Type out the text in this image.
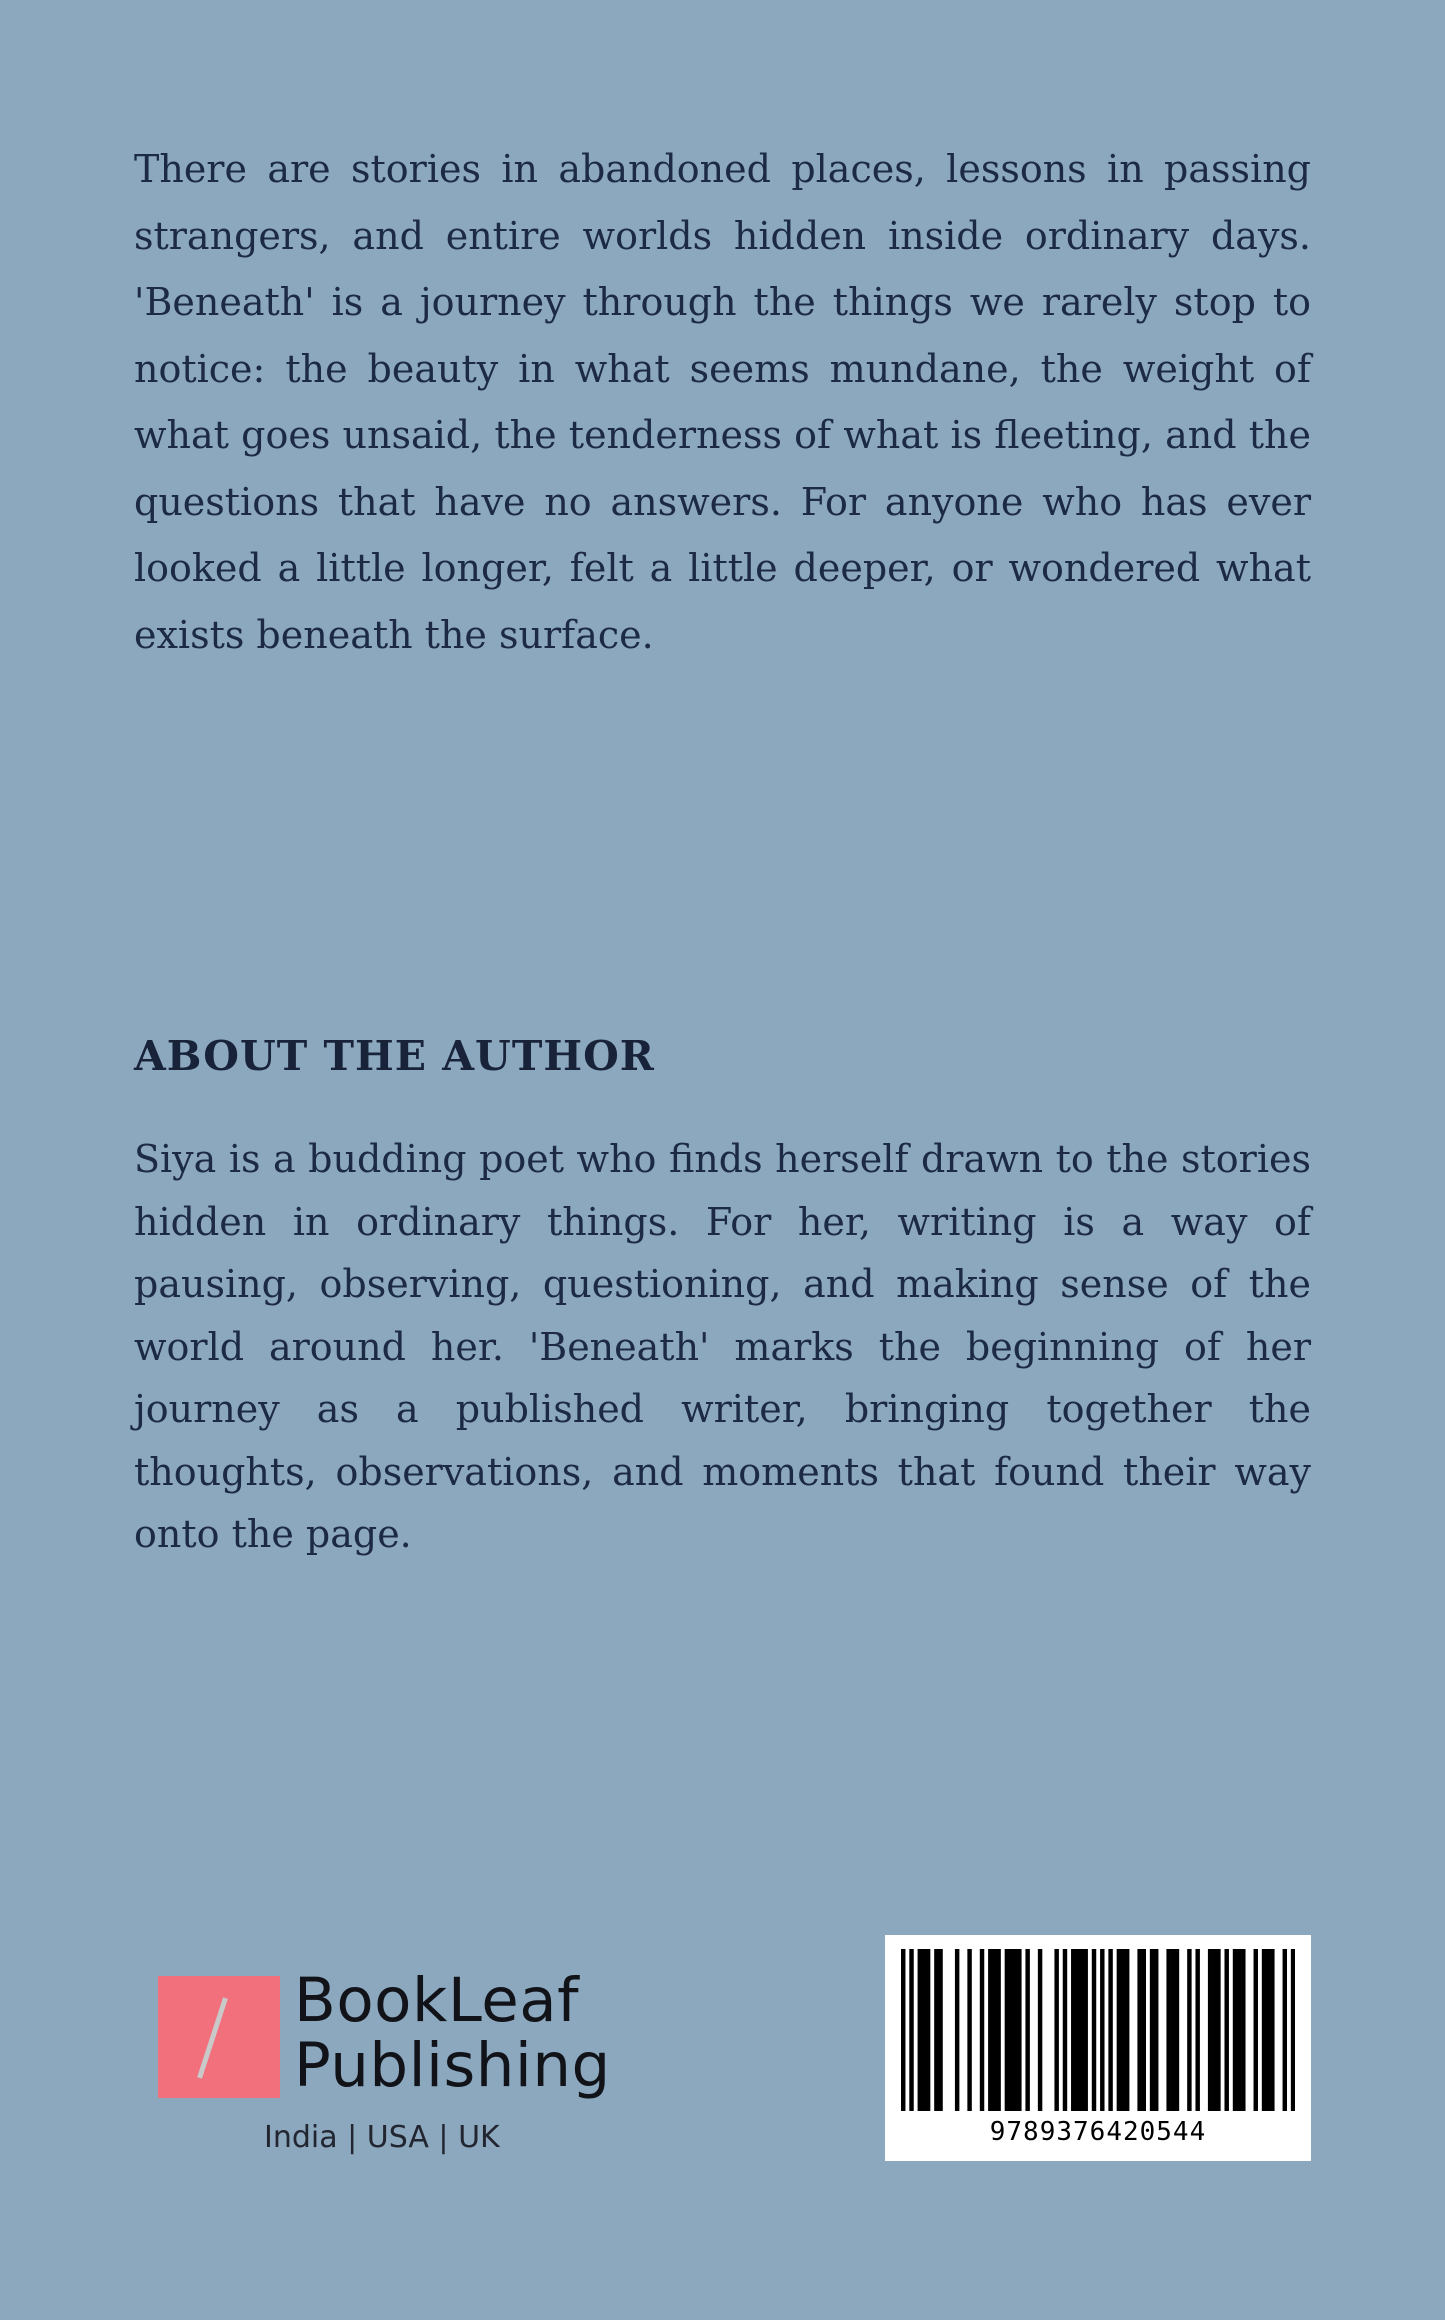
There are stories in abandoned places, lessons in passing strangers, and entire worlds hidden inside ordinary days. 'Beneath' is a journey through the things we rarely stop to notice: the beauty in what seems mundane, the weight of what goes unsaid, the tenderness of what is fleeting, and the questions that have no answers. For anyone who has ever looked a little longer, felt a little deeper, or wondered what exists beneath the surface.

ABOUT THE AUTHOR

Siya is a budding poet who finds herself drawn to the stories hidden in ordinary things. For her, writing is a way of pausing, observing, questioning, and making sense of the world around her. 'Beneath' marks the beginning of her journey as a published writer, bringing together the thoughts, observations, and moments that found their way onto the page.

BookLeaf
Publishing
India | USA | UK	9789376420544
